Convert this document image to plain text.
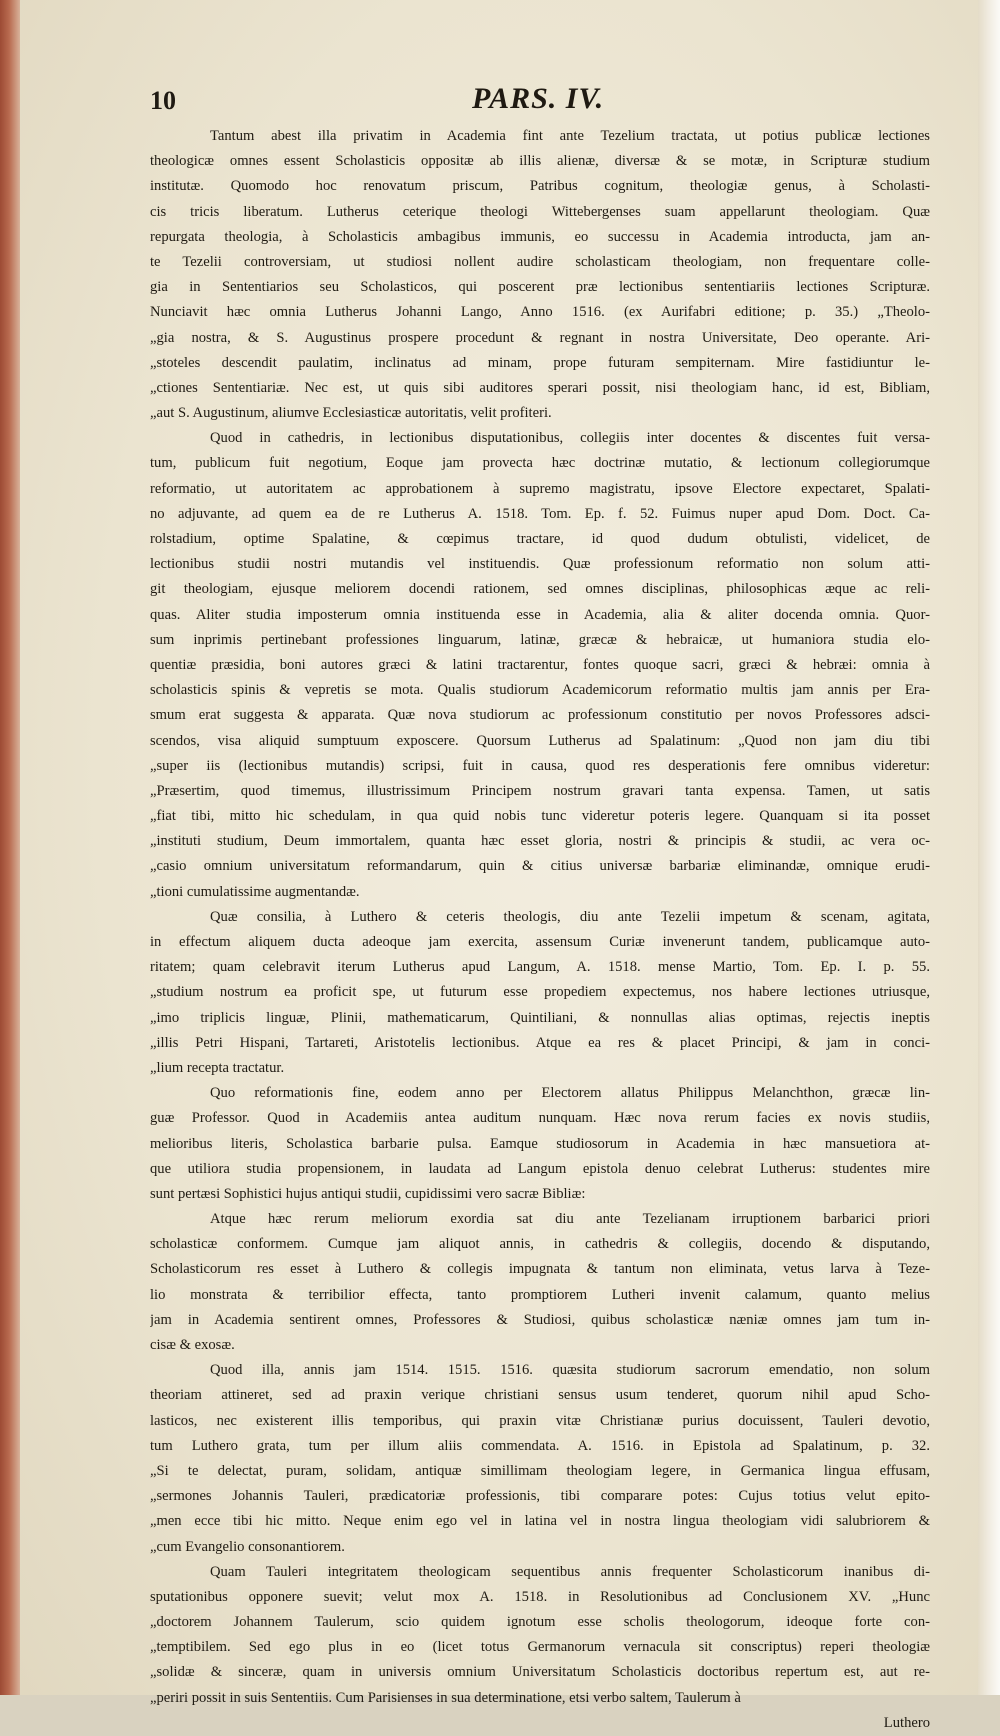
10	PARS. IV.
Tantum abest illa privatim in Academia fint ante Tezelium tractata, ut potius publicæ lectiones
theologicæ omnes essent Scholasticis oppositæ ab illis alienæ, diversæ & se motæ, in Scripturæ studium
institutæ. Quomodo hoc renovatum priscum, Patribus cognitum, theologiæ genus, à Scholasti-
cis tricis liberatum. Lutherus ceterique theologi Wittebergenses suam appellarunt theologiam. Quæ
repurgata theologia, à Scholasticis ambagibus immunis, eo successu in Academia introducta, jam an-
te Tezelii controversiam, ut studiosi nollent audire scholasticam theologiam, non frequentare colle-
gia in Sententiarios seu Scholasticos, qui poscerent præ lectionibus sententiariis lectiones Scripturæ.
Nunciavit hæc omnia Lutherus Johanni Lango, Anno 1516. (ex Aurifabri editione; p. 35.) „Theolo-
„gia nostra, & S. Augustinus prospere procedunt & regnant in nostra Universitate, Deo operante. Ari-
„stoteles descendit paulatim, inclinatus ad minam, prope futuram sempiternam. Mire fastidiuntur le-
„ctiones Sententiariæ. Nec est, ut quis sibi auditores sperari possit, nisi theologiam hanc, id est, Bibliam,
„aut S. Augustinum, aliumve Ecclesiasticæ autoritatis, velit profiteri.
Quod in cathedris, in lectionibus disputationibus, collegiis inter docentes & discentes fuit versa-
tum, publicum fuit negotium, Eoque jam provecta hæc doctrinæ mutatio, & lectionum collegiorumque
reformatio, ut autoritatem ac approbationem à supremo magistratu, ipsove Electore expectaret, Spalati-
no adjuvante, ad quem ea de re Lutherus A. 1518. Tom. Ep. f. 52. Fuimus nuper apud Dom. Doct. Ca-
rolstadium, optime Spalatine, & cœpimus tractare, id quod dudum obtulisti, videlicet, de
lectionibus studii nostri mutandis vel instituendis. Quæ professionum reformatio non solum atti-
git theologiam, ejusque meliorem docendi rationem, sed omnes disciplinas, philosophicas æque ac reli-
quas. Aliter studia imposterum omnia instituenda esse in Academia, alia & aliter docenda omnia. Quor-
sum inprimis pertinebant professiones linguarum, latinæ, græcæ & hebraicæ, ut humaniora studia elo-
quentiæ præsidia, boni autores græci & latini tractarentur, fontes quoque sacri, græci & hebræi: omnia à
scholasticis spinis & vepretis se mota. Qualis studiorum Academicorum reformatio multis jam annis per Era-
smum erat suggesta & apparata. Quæ nova studiorum ac professionum constitutio per novos Professores adsci-
scendos, visa aliquid sumptuum exposcere. Quorsum Lutherus ad Spalatinum: „Quod non jam diu tibi
„super iis (lectionibus mutandis) scripsi, fuit in causa, quod res desperationis fere omnibus videretur:
„Præsertim, quod timemus, illustrissimum Principem nostrum gravari tanta expensa. Tamen, ut satis
„fiat tibi, mitto hic schedulam, in qua quid nobis tunc videretur poteris legere. Quanquam si ita posset
„instituti studium, Deum immortalem, quanta hæc esset gloria, nostri & principis & studii, ac vera oc-
„casio omnium universitatum reformandarum, quin & citius universæ barbariæ eliminandæ, omnique erudi-
„tioni cumulatissime augmentandæ.
Quæ consilia, à Luthero & ceteris theologis, diu ante Tezelii impetum & scenam, agitata,
in effectum aliquem ducta adeoque jam exercita, assensum Curiæ invenerunt tandem, publicamque auto-
ritatem; quam celebravit iterum Lutherus apud Langum, A. 1518. mense Martio, Tom. Ep. I. p. 55.
„studium nostrum ea proficit spe, ut futurum esse propediem expectemus, nos habere lectiones utriusque,
„imo triplicis linguæ, Plinii, mathematicarum, Quintiliani, & nonnullas alias optimas, rejectis ineptis
„illis Petri Hispani, Tartareti, Aristotelis lectionibus. Atque ea res & placet Principi, & jam in conci-
„lium recepta tractatur.
Quo reformationis fine, eodem anno per Electorem allatus Philippus Melanchthon, græcæ lin-
guæ Professor. Quod in Academiis antea auditum nunquam. Hæc nova rerum facies ex novis studiis,
melioribus literis, Scholastica barbarie pulsa. Eamque studiosorum in Academia in hæc mansuetiora at-
que utiliora studia propensionem, in laudata ad Langum epistola denuo celebrat Lutherus: studentes mire
sunt pertæsi Sophistici hujus antiqui studii, cupidissimi vero sacræ Bibliæ:
Atque hæc rerum meliorum exordia sat diu ante Tezelianam irruptionem barbarici priori
scholasticæ conformem. Cumque jam aliquot annis, in cathedris & collegiis, docendo & disputando,
Scholasticorum res esset à Luthero & collegis impugnata & tantum non eliminata, vetus larva à Teze-
lio monstrata & terribilior effecta, tanto promptiorem Lutheri invenit calamum, quanto melius
jam in Academia sentirent omnes, Professores & Studiosi, quibus scholasticæ næniæ omnes jam tum in-
cisæ & exosæ.
Quod illa, annis jam 1514. 1515. 1516. quæsita studiorum sacrorum emendatio, non solum
theoriam attineret, sed ad praxin verique christiani sensus usum tenderet, quorum nihil apud Scho-
lasticos, nec existerent illis temporibus, qui praxin vitæ Christianæ purius docuissent, Tauleri devotio,
tum Luthero grata, tum per illum aliis commendata. A. 1516. in Epistola ad Spalatinum, p. 32.
„Si te delectat, puram, solidam, antiquæ simillimam theologiam legere, in Germanica lingua effusam,
„sermones Johannis Tauleri, prædicatoriæ professionis, tibi comparare potes: Cujus totius velut epito-
„men ecce tibi hic mitto. Neque enim ego vel in latina vel in nostra lingua theologiam vidi salubriorem &
„cum Evangelio consonantiorem.
Quam Tauleri integritatem theologicam sequentibus annis frequenter Scholasticorum inanibus di-
sputationibus opponere suevit; velut mox A. 1518. in Resolutionibus ad Conclusionem XV. „Hunc
„doctorem Johannem Taulerum, scio quidem ignotum esse scholis theologorum, ideoque forte con-
„temptibilem. Sed ego plus in eo (licet totus Germanorum vernacula sit conscriptus) reperi theologiæ
„solidæ & sinceræ, quam in universis omnium Universitatum Scholasticis doctoribus repertum est, aut re-
„periri possit in suis Sententiis. Cum Parisienses in sua determinatione, etsi verbo saltem, Taulerum à
Luthero
